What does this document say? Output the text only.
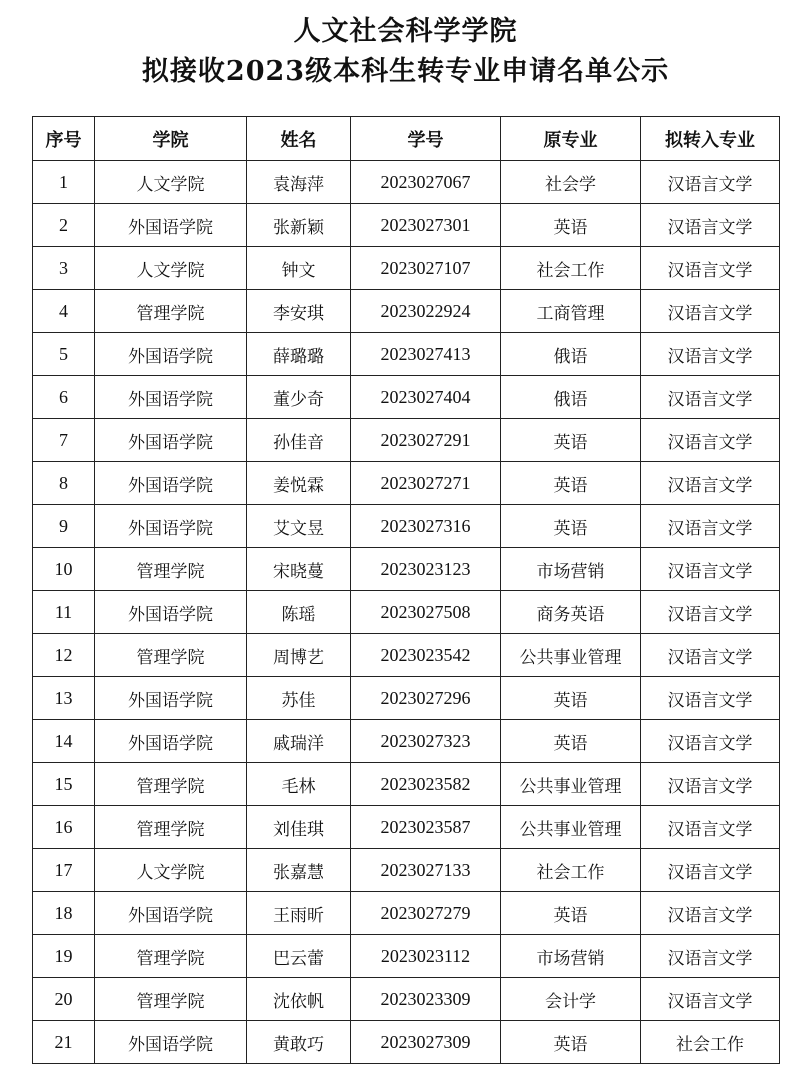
人文社会科学学院
拟接收2023级本科生转专业申请名单公示
序号	学院	姓名	学号	原专业	拟转入专业
1	人文学院	袁海萍	2023027067	社会学	汉语言文学
2	外国语学院	张新颖	2023027301	英语	汉语言文学
3	人文学院	钟文	2023027107	社会工作	汉语言文学
4	管理学院	李安琪	2023022924	工商管理	汉语言文学
5	外国语学院	薛璐璐	2023027413	俄语	汉语言文学
6	外国语学院	董少奇	2023027404	俄语	汉语言文学
7	外国语学院	孙佳音	2023027291	英语	汉语言文学
8	外国语学院	姜悦霖	2023027271	英语	汉语言文学
9	外国语学院	艾文昱	2023027316	英语	汉语言文学
10	管理学院	宋晓蔓	2023023123	市场营销	汉语言文学
11	外国语学院	陈瑶	2023027508	商务英语	汉语言文学
12	管理学院	周博艺	2023023542	公共事业管理	汉语言文学
13	外国语学院	苏佳	2023027296	英语	汉语言文学
14	外国语学院	戚瑞洋	2023027323	英语	汉语言文学
15	管理学院	毛林	2023023582	公共事业管理	汉语言文学
16	管理学院	刘佳琪	2023023587	公共事业管理	汉语言文学
17	人文学院	张嘉慧	2023027133	社会工作	汉语言文学
18	外国语学院	王雨昕	2023027279	英语	汉语言文学
19	管理学院	巴云蕾	2023023112	市场营销	汉语言文学
20	管理学院	沈依帆	2023023309	会计学	汉语言文学
21	外国语学院	黄敢巧	2023027309	英语	社会工作
